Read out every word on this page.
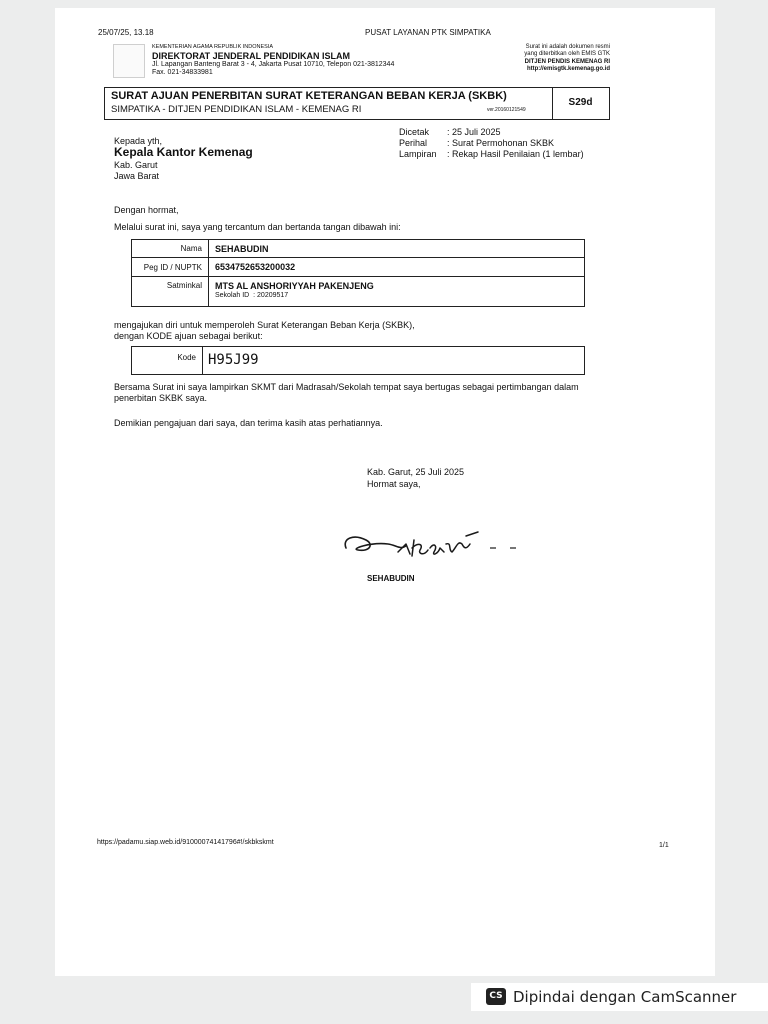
25/07/25, 13.18	PUSAT LAYANAN PTK SIMPATIKA
KEMENTERIAN AGAMA REPUBLIK INDONESIA
DIREKTORAT JENDERAL PENDIDIKAN ISLAM
Jl. Lapangan Banteng Barat 3 - 4, Jakarta Pusat 10710, Telepon 021-3812344
Fax. 021-34833981
Surat ini adalah dokumen resmi
yang diterbitkan oleh EMIS GTK
DITJEN PENDIS KEMENAG RI
http://emisgtk.kemenag.go.id
SURAT AJUAN PENERBITAN SURAT KETERANGAN BEBAN KERJA (SKBK)
SIMPATIKA - DITJEN PENDIDIKAN ISLAM - KEMENAG RI	ver.20160121549
S29d
Dicetak : 25 Juli 2025
Perihal : Surat Permohonan SKBK
Lampiran : Rekap Hasil Penilaian (1 lembar)
Kepada yth,
Kepala Kantor Kemenag
Kab. Garut
Jawa Barat
Dengan hormat,
Melalui surat ini, saya yang tercantum dan bertanda tangan dibawah ini:
Nama	SEHABUDIN
Peg ID / NUPTK	6534752653200032
Satminkal	MTS AL ANSHORIYYAH PAKENJENG
Sekolah ID : 20209517
mengajukan diri untuk memperoleh Surat Keterangan Beban Kerja (SKBK),
dengan KODE ajuan sebagai berikut:
Kode H95J99
Bersama Surat ini saya lampirkan SKMT dari Madrasah/Sekolah tempat saya bertugas sebagai pertimbangan dalam
penerbitan SKBK saya.
Demikian pengajuan dari saya, dan terima kasih atas perhatiannya.
Kab. Garut, 25 Juli 2025
Hormat saya,
SEHABUDIN
https://padamu.siap.web.id/91000074141796#!/skbkskmt	1/1
CS Dipindai dengan CamScanner
